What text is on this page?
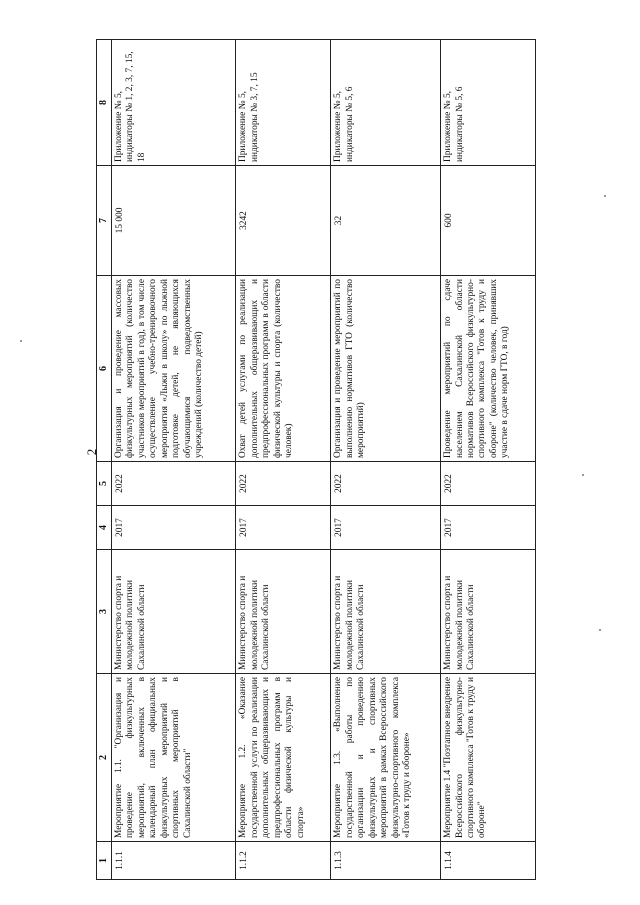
2
1	2	3	4	5	6	7	8
1.1.1	Мероприятие 1.1. "Организация и проведение физкультурных мероприятий, включенных в календарный план официальных физкультурных мероприятий и спортивных мероприятий в Сахалинской области"	Министерство спорта и молодежной политики Сахалинской области	2017	2022	Организация и проведение массовых физкультурных мероприятий (количество участников мероприятий в год), в том числе осуществление учебно-тренировочного мероприятия «Лыжи в школу» по лыжной подготовке детей, не являющихся обучающимися подведомственных учреждений (количество детей)	15 000	Приложение № 5, индикаторы № 1, 2, 3, 7, 15, 18
1.1.2	Мероприятие 1.2. «Оказание государственной услуги по реализации дополнительных общеразвивающих и предпрофессиональных программ в области физической культуры и спорта»	Министерство спорта и молодежной политики Сахалинской области	2017	2022	Охват детей услугами по реализации дополнительных общеразвивающих и предпрофессиональных программ в области физической культуры и спорта (количество человек)	3242	Приложение № 5, индикаторы № 3, 7, 15
1.1.3	Мероприятие 1.3. «Выполнение государственной работы по организации и проведению физкультурных и спортивных мероприятий в рамках Всероссийского физкультурно-спортивного комплекса «Готов к труду и обороне»	Министерство спорта и молодежной политики Сахалинской области	2017	2022	Организация и проведение мероприятий по выполнению нормативов ГТО (количество мероприятий)	32	Приложение № 5, индикаторы № 5, 6
1.1.4	Мероприятие 1.4 "Поэтапное внедрение Всероссийского физкультурно-спортивного комплекса "Готов к труду и обороне"	Министерство спорта и молодежной политики Сахалинской области	2017	2022	Проведение мероприятий по сдаче населением Сахалинской области нормативов Всероссийского физкультурно-спортивного комплекса "Готов к труду и обороне" (количество человек, принявших участие в сдаче норм ГТО, в год)	600	Приложение № 5, индикаторы № 5, 6
